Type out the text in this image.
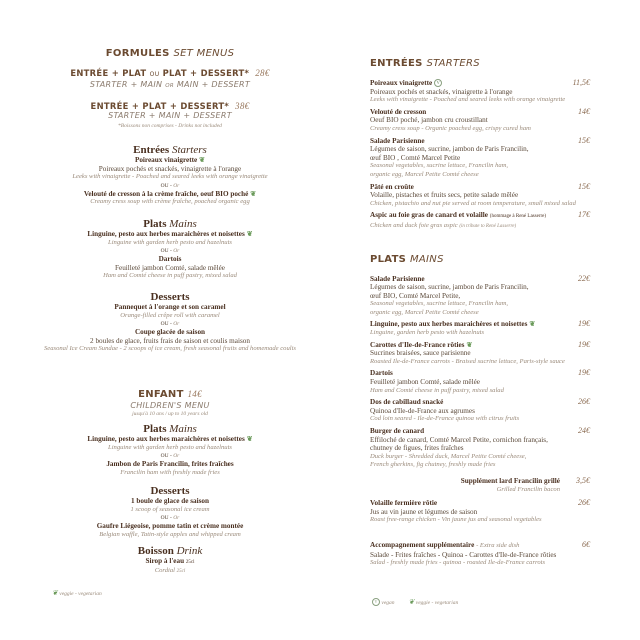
FORMULES SET MENUS
ENTRÉE + PLAT OU PLAT + DESSERT* 28€
STARTER + MAIN OR MAIN + DESSERT
ENTRÉE + PLAT + DESSERT* 38€
STARTER + MAIN + DESSERT
*Boissons non comprises - Drinks not included
Entrées Starters
Poireaux vinaigrette ❦
Poireaux pochés et snackés, vinaigrette à l'orange
Leeks with vinaigrette - Poached and seared leeks with orange vinaigrette
OU - Or
Velouté de cresson à la crème fraîche, oeuf BIO poché ❦
Creamy cress soup with crème fraîche, poached organic egg
Plats Mains
Linguine, pesto aux herbes maraichères et noisettes ❦
Linguine with garden herb pesto and hazelnuts
OU - Or
Dartois
Feuilleté jambon Comté, salade mêlée
Ham and Comté cheese in puff pastry, mixed salad
Desserts
Pannequet à l'orange et son caramel
Orange-filled crêpe roll with caramel
OU - Or
Coupe glacée de saison
2 boules de glace, fruits frais de saison et coulis maison
Seasonal Ice Cream Sundae - 2 scoops of ice cream, fresh seasonal fruits and homemade coulis
ENFANT 14€
CHILDREN'S MENU
jusqu'à 10 ans / up to 10 years old
Plats Mains
Linguine, pesto aux herbes maraichères et noisettes ❦
Linguine with garden herb pesto and hazelnuts
OU - Or
Jambon de Paris Francilin, frites fraîches
Francilin ham with freshly made fries
Desserts
1 boule de glace de saison
1 scoop of seasonal ice cream
OU - Or
Gaufre Liégeoise, pomme tatin et crème montée
Belgian waffle, Tatin-style apples and whipped cream
Boisson Drink
Sirop à l'eau 25cl
Cordial 25cl
❦ veggie - vegetarian
ENTRÉES STARTERS
Poireaux vinaigrette V	11,5€
Poireaux pochés et snackés, vinaigrette à l'orange
Leeks with vinaigrette - Poached and seared leeks with orange vinaigrette
Velouté de cresson	14€
Oeuf BIO poché, jambon cru croustillant
Creamy cress soup - Organic poached egg, crispy cured ham
Salade Parisienne	15€
Légumes de saison, sucrine, jambon de Paris Francilin,
œuf BIO , Comté Marcel Petite
Seasonal vegetables, sucrine lettuce, Francilin ham,
organic egg, Marcel Petite Comté cheese
Pâté en croûte	15€
Volaille, pistaches et fruits secs, petite salade mêlée
Chicken, pistachio and nut pie served at room temperature, small mixed salad
Aspic au foie gras de canard et volaille (hommage à René Lasserre)	17€
Chicken and duck foie gras aspic (in tribute to René Lasserre)
PLATS MAINS
Salade Parisienne	22€
Légumes de saison, sucrine, jambon de Paris Francilin,
œuf BIO, Comté Marcel Petite,
Seasonal vegetables, sucrine lettuce, Francilin ham,
organic egg, Marcel Petite Comté cheese
Linguine, pesto aux herbes maraichères et noisettes ❦	19€
Linguine, garden herb pesto with hazelnuts
Carottes d'Ile-de-France rôties ❦	19€
Sucrines braisées, sauce parisienne
Roasted Ile-de-France carrots - Braised sucrine lettuce, Paris-style sauce
Dartois	19€
Feuilleté jambon Comté, salade mêlée
Ham and Comté cheese in puff pastry, mixed salad
Dos de cabillaud snacké	26€
Quinoa d'Ile-de-France aux agrumes
Cod loin seared - Ile-de-France quinoa with citrus fruits
Burger de canard	24€
Effiloché de canard, Comté Marcel Petite, cornichon français,
chutney de figues, frites fraîches
Duck burger - Shredded duck, Marcel Petite Comté cheese,
French gherkins, fig chutney, freshly made fries
Supplément lard Francilin grillé	3,5€
Grilled Francilin bacon
Volaille fermière rôtie	26€
Jus au vin jaune et légumes de saison
Roast free-range chicken - Vin jaune jus and seasonal vegetables
Accompagnement supplémentaire - Extra side dish	6€
Salade - Frites fraîches - Quinoa - Carottes d'Ile-de-France rôties
Salad - freshly made fries - quinoa - roasted Ile-de-France carrots
V vegan ❦ veggie - vegetarian
